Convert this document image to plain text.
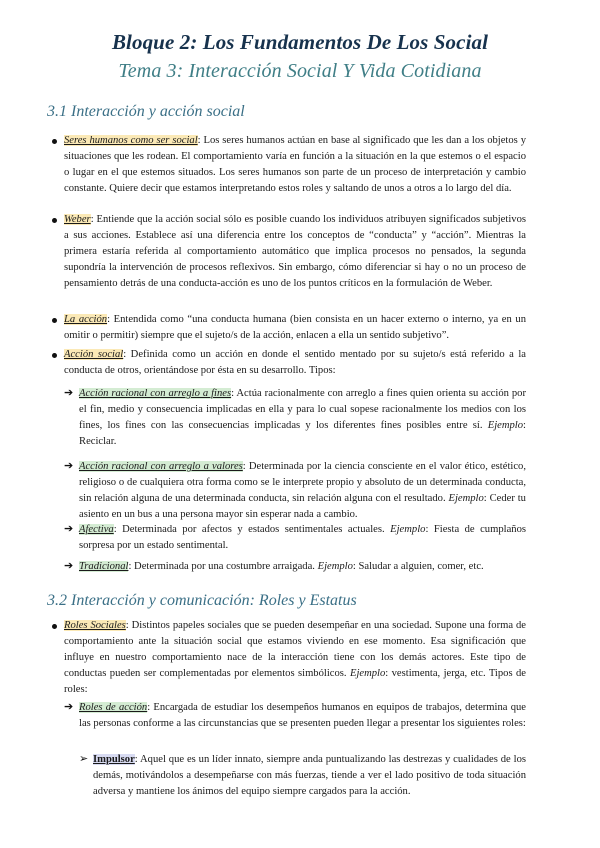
Bloque 2: Los Fundamentos De Los Social
Tema 3: Interacción Social Y Vida Cotidiana
3.1 Interacción y acción social
Seres humanos como ser social: Los seres humanos actúan en base al significado que les dan a los objetos y situaciones que les rodean. El comportamiento varía en función a la situación en la que estemos o el espacio o lugar en el que estemos situados. Los seres humanos son parte de un proceso de interpretación y cambio constante. Quiere decir que estamos interpretando estos roles y saltando de unos a otros a lo largo del día.
Weber: Entiende que la acción social sólo es posible cuando los individuos atribuyen significados subjetivos a sus acciones. Establece así una diferencia entre los conceptos de “conducta” y “acción”. Mientras la primera estaría referida al comportamiento automático que implica procesos no pensados, la segunda supondría la intervención de procesos reflexivos. Sin embargo, cómo diferenciar si hay o no un proceso de pensamiento detrás de una conducta-acción es uno de los puntos críticos en la formulación de Weber.
La acción: Entendida como “una conducta humana (bien consista en un hacer externo o interno, ya en un omitir o permitir) siempre que el sujeto/s de la acción, enlacen a ella un sentido subjetivo”.
Acción social: Definida como un acción en donde el sentido mentado por su sujeto/s está referido a la conducta de otros, orientándose por ésta en su desarrollo. Tipos:
➔ Acción racional con arreglo a fines: Actúa racionalmente con arreglo a fines quien orienta su acción por el fin, medio y consecuencia implicadas en ella y para lo cual sopese racionalmente los medios con los fines, los fines con las consecuencias implicadas y los diferentes fines posibles entre sí. Ejemplo: Reciclar.
➔ Acción racional con arreglo a valores: Determinada por la ciencia consciente en el valor ético, estético, religioso o de cualquiera otra forma como se le interprete propio y absoluto de un determinada conducta, sin relación alguna de una determinada conducta, sin relación alguna con el resultado. Ejemplo: Ceder tu asiento en un bus a una persona mayor sin esperar nada a cambio.
➔ Afectiva: Determinada por afectos y estados sentimentales actuales. Ejemplo: Fiesta de cumplaños sorpresa por un estado sentimental.
➔ Tradicional: Determinada por una costumbre arraigada. Ejemplo: Saludar a alguien, comer, etc.
3.2 Interacción y comunicación: Roles y Estatus
Roles Sociales: Distintos papeles sociales que se pueden desempeñar en una sociedad. Supone una forma de comportamiento ante la situación social que estamos viviendo en ese momento. Esa significación que influye en nuestro comportamiento nace de la interacción tiene con los demás actores. Este tipo de conductas pueden ser complementadas por elementos simbólicos. Ejemplo: vestimenta, jerga, etc. Tipos de roles:
➔ Roles de acción: Encargada de estudiar los desempeños humanos en equipos de trabajos, determina que las personas conforme a las circunstancias que se presenten pueden llegar a presentar los siguientes roles:
➢ Impulsor: Aquel que es un líder innato, siempre anda puntualizando las destrezas y cualidades de los demás, motivándolos a desempeñarse con más fuerzas, tiende a ver el lado positivo de toda situación adversa y mantiene los ánimos del equipo siempre cargados para la acción.
